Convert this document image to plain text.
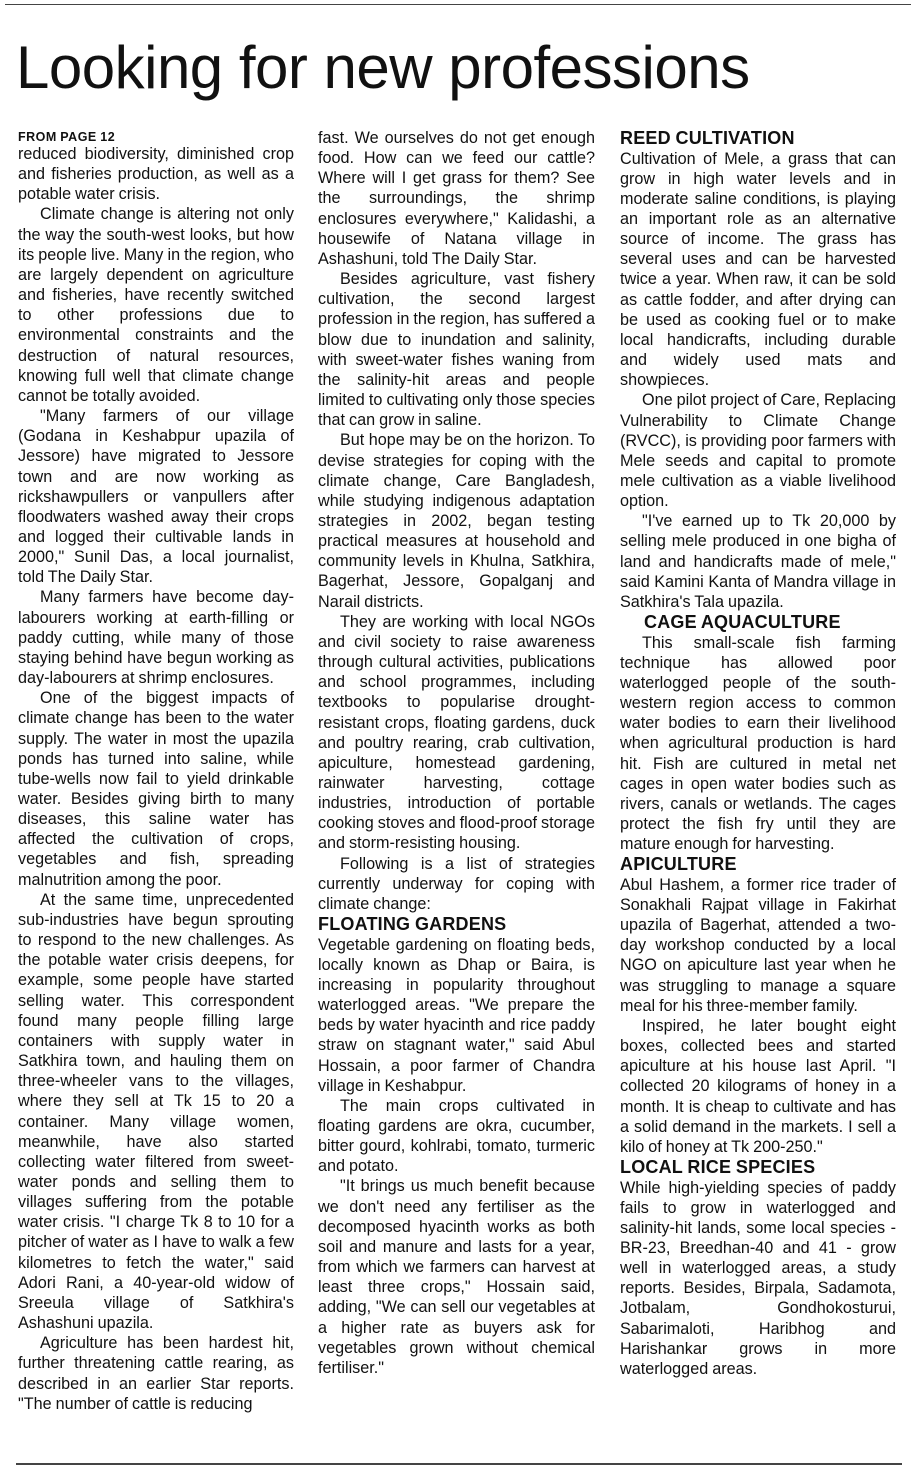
Looking for new professions
FROM PAGE 12

reduced biodiversity, diminished crop and fisheries production, as well as a potable water crisis.

Climate change is altering not only the way the south-west looks, but how its people live. Many in the region, who are largely dependent on agriculture and fisheries, have recently switched to other professions due to environmental constraints and the destruction of natural resources, knowing full well that climate change cannot be totally avoided.

"Many farmers of our village (Godana in Keshabpur upazila of Jessore) have migrated to Jessore town and are now working as rickshawpullers or vanpullers after floodwaters washed away their crops and logged their cultivable lands in 2000," Sunil Das, a local journalist, told The Daily Star.

Many farmers have become day-labourers working at earth-filling or paddy cutting, while many of those staying behind have begun working as day-labourers at shrimp enclosures.

One of the biggest impacts of climate change has been to the water supply. The water in most the upazila ponds has turned into saline, while tube-wells now fail to yield drinkable water. Besides giving birth to many diseases, this saline water has affected the cultivation of crops, vegetables and fish, spreading malnutrition among the poor.

At the same time, unprecedented sub-industries have begun sprouting to respond to the new challenges. As the potable water crisis deepens, for example, some people have started selling water. This correspondent found many people filling large containers with supply water in Satkhira town, and hauling them on three-wheeler vans to the villages, where they sell at Tk 15 to 20 a container. Many village women, meanwhile, have also started collecting water filtered from sweet-water ponds and selling them to villages suffering from the potable water crisis. "I charge Tk 8 to 10 for a pitcher of water as I have to walk a few kilometres to fetch the water," said Adori Rani, a 40-year-old widow of Sreeula village of Satkhira's Ashashuni upazila.

Agriculture has been hardest hit, further threatening cattle rearing, as described in an earlier Star reports. "The number of cattle is reducing

fast. We ourselves do not get enough food. How can we feed our cattle? Where will I get grass for them? See the surroundings, the shrimp enclosures everywhere," Kalidashi, a housewife of Natana village in Ashashuni, told The Daily Star.

Besides agriculture, vast fishery cultivation, the second largest profession in the region, has suffered a blow due to inundation and salinity, with sweet-water fishes waning from the salinity-hit areas and people limited to cultivating only those species that can grow in saline.

But hope may be on the horizon. To devise strategies for coping with the climate change, Care Bangladesh, while studying indigenous adaptation strategies in 2002, began testing practical measures at household and community levels in Khulna, Satkhira, Bagerhat, Jessore, Gopalganj and Narail districts.

They are working with local NGOs and civil society to raise awareness through cultural activities, publications and school programmes, including textbooks to popularise drought-resistant crops, floating gardens, duck and poultry rearing, crab cultivation, apiculture, homestead gardening, rainwater harvesting, cottage industries, introduction of portable cooking stoves and flood-proof storage and storm-resisting housing.

Following is a list of strategies currently underway for coping with climate change:

FLOATING GARDENS

Vegetable gardening on floating beds, locally known as Dhap or Baira, is increasing in popularity throughout waterlogged areas. "We prepare the beds by water hyacinth and rice paddy straw on stagnant water," said Abul Hossain, a poor farmer of Chandra village in Keshabpur.

The main crops cultivated in floating gardens are okra, cucumber, bitter gourd, kohlrabi, tomato, turmeric and potato.

"It brings us much benefit because we don't need any fertiliser as the decomposed hyacinth works as both soil and manure and lasts for a year, from which we farmers can harvest at least three crops," Hossain said, adding, "We can sell our vegetables at a higher rate as buyers ask for vegetables grown without chemical fertiliser."

REED CULTIVATION

Cultivation of Mele, a grass that can grow in high water levels and in moderate saline conditions, is playing an important role as an alternative source of income. The grass has several uses and can be harvested twice a year. When raw, it can be sold as cattle fodder, and after drying can be used as cooking fuel or to make local handicrafts, including durable and widely used mats and showpieces.

One pilot project of Care, Replacing Vulnerability to Climate Change (RVCC), is providing poor farmers with Mele seeds and capital to promote mele cultivation as a viable livelihood option.

"I've earned up to Tk 20,000 by selling mele produced in one bigha of land and handicrafts made of mele," said Kamini Kanta of Mandra village in Satkhira's Tala upazila.

CAGE AQUACULTURE

This small-scale fish farming technique has allowed poor waterlogged people of the south-western region access to common water bodies to earn their livelihood when agricultural production is hard hit. Fish are cultured in metal net cages in open water bodies such as rivers, canals or wetlands. The cages protect the fish fry until they are mature enough for harvesting.

APICULTURE

Abul Hashem, a former rice trader of Sonakhali Rajpat village in Fakirhat upazila of Bagerhat, attended a two-day workshop conducted by a local NGO on apiculture last year when he was struggling to manage a square meal for his three-member family.

Inspired, he later bought eight boxes, collected bees and started apiculture at his house last April. "I collected 20 kilograms of honey in a month. It is cheap to cultivate and has a solid demand in the markets. I sell a kilo of honey at Tk 200-250."

LOCAL RICE SPECIES

While high-yielding species of paddy fails to grow in waterlogged and salinity-hit lands, some local species - BR-23, Breedhan-40 and 41 - grow well in waterlogged areas, a study reports. Besides, Birpala, Sadamota, Jotbalam, Gondhokosturui, Sabarimaloti, Haribhog and Harishankar grows in more waterlogged areas.
